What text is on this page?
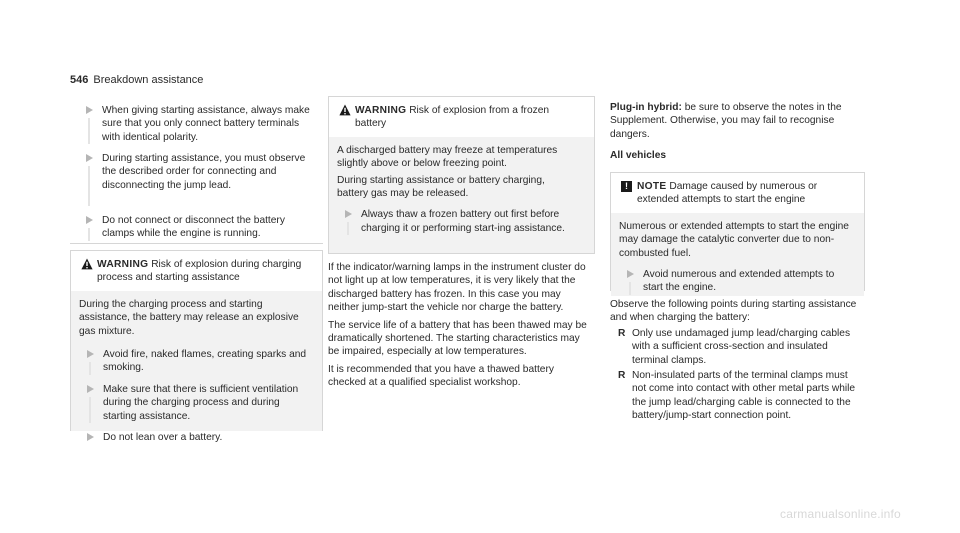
546 Breakdown assistance
When giving starting assistance, always make sure that you only connect battery terminals with identical polarity.
During starting assistance, you must observe the described order for connecting and disconnecting the jump lead.
Do not connect or disconnect the battery clamps while the engine is running.
WARNING Risk of explosion during charging process and starting assistance

During the charging process and starting assistance, the battery may release an explosive gas mixture.

Avoid fire, naked flames, creating sparks and smoking.
Make sure that there is sufficient ventilation during the charging process and during starting assistance.
Do not lean over a battery.
WARNING Risk of explosion from a frozen battery

A discharged battery may freeze at temperatures slightly above or below freezing point.

During starting assistance or battery charging, battery gas may be released.

Always thaw a frozen battery out first before charging it or performing start-ing assistance.

If the indicator/warning lamps in the instrument cluster do not light up at low temperatures, it is very likely that the discharged battery has frozen. In this case you may neither jump-start the vehicle nor charge the battery.

The service life of a battery that has been thawed may be dramatically shortened. The starting characteristics may be impaired, especially at low temperatures.

It is recommended that you have a thawed battery checked at a qualified specialist workshop.

Plug-in hybrid: be sure to observe the notes in the Supplement. Otherwise, you may fail to recognise dangers.

All vehicles

! NOTE Damage caused by numerous or extended attempts to start the engine

Numerous or extended attempts to start the engine may damage the catalytic converter due to non-combusted fuel.

Avoid numerous and extended attempts to start the engine.

Observe the following points during starting assistance and when charging the battery:

R Only use undamaged jump lead/charging cables with a sufficient cross-section and insulated terminal clamps.
R Non-insulated parts of the terminal clamps must not come into contact with other metal parts while the jump lead/charging cable is connected to the battery/jump-start connection point.
carmanualsonline.info
